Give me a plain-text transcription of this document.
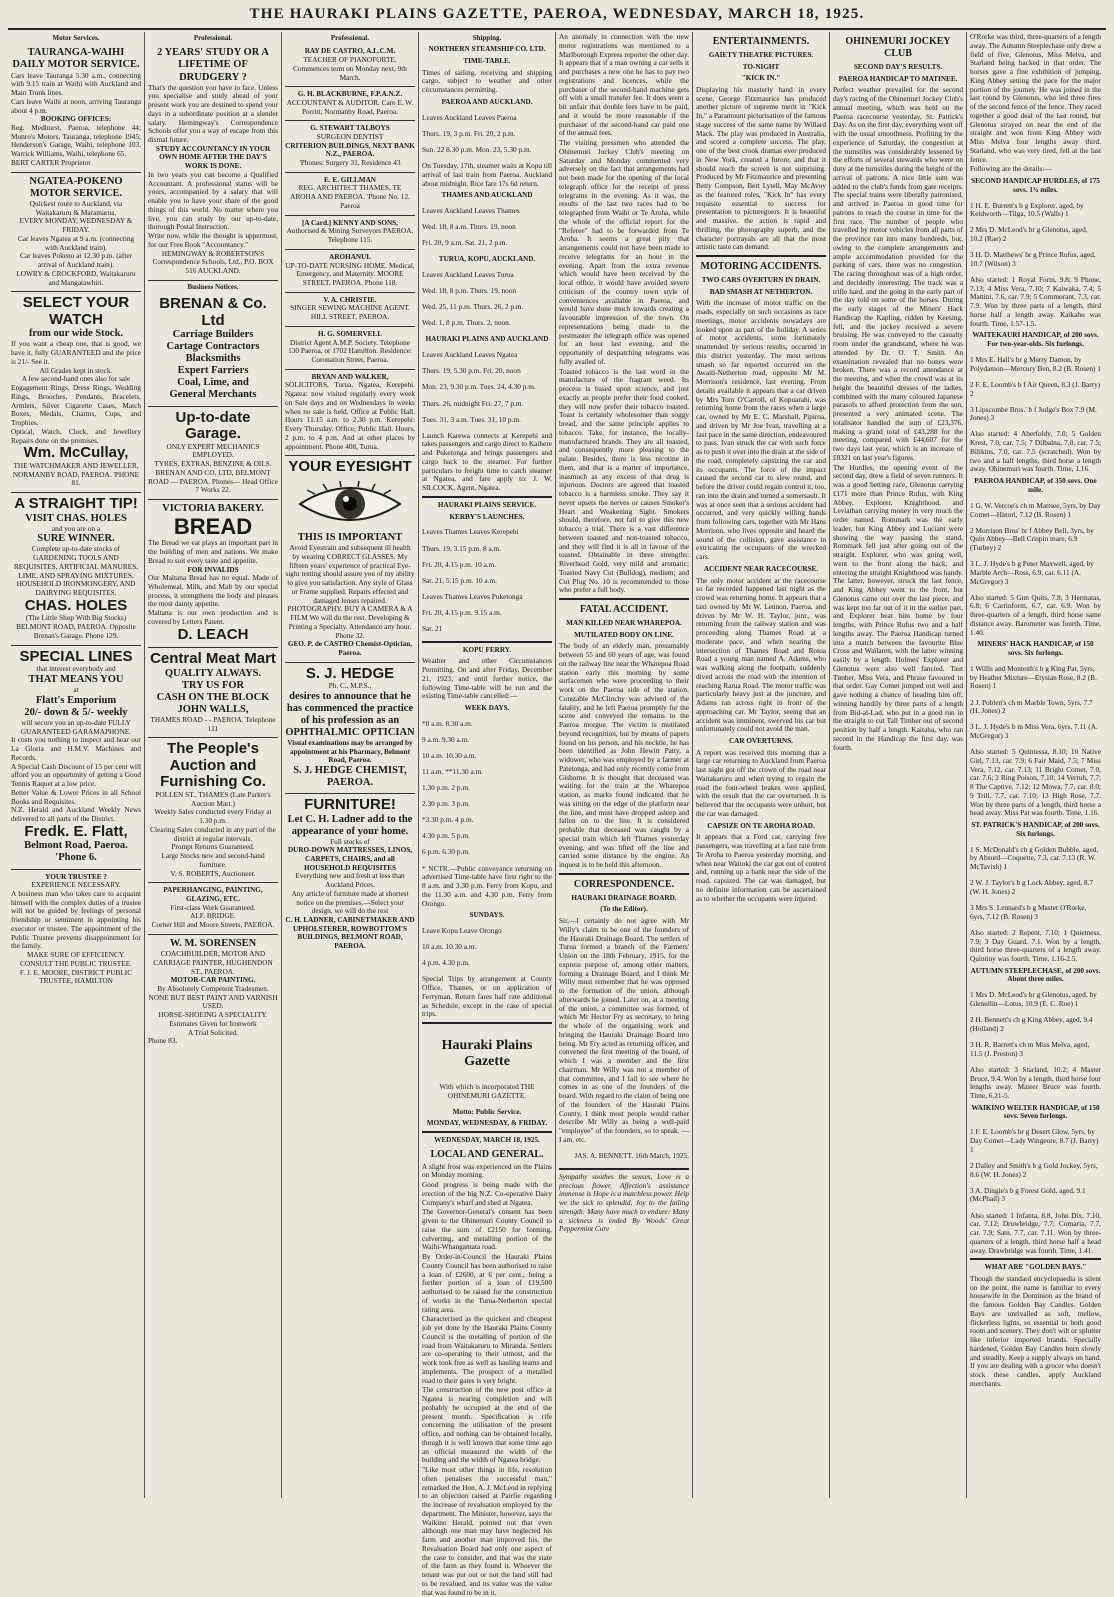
THE HAURAKI PLAINS GAZETTE, PAEROA, WEDNESDAY, MARCH 18, 1925.
Motor Services.

TAURANGA-WAIHI DAILY MOTOR SERVICE.

Cars leave Tauranga 5.30 a.m., connecting with 9.15 train at Waihi with Auckland and Main Trunk lines.

Cars leave Waihi at noon, arriving Tauranga about 4 p.m.

BOOKING OFFICES:

Reg. Medhurst, Paeroa, telephone 44; Munro's Motors, Tauranga, telephone 1945; Henderson's Garage, Waihi, telephone 103. Warrick Williams, Waihi, telephone 65.

BERT CARTER Proprietor

NGATEA-POKENO MOTOR SERVICE.

Quickest route to Auckland, via Waitakaruru & Maramarua.

EVERY MONDAY, WEDNESDAY & FRIDAY.

Car leaves Ngatea at 9 a.m. (connecting with Auckland train).

Car leaves Pokeno at 12.30 p.m. (after arrival of Auckland train).

LOWRY & CROCKFORD, Waitakaruru and Mangatawhiri.

SELECT YOUR WATCH

from our wide Stock.

If you want a cheap one, that is good, we have it, fully GUARANTEED and the price is 21/- See it.

All Grades kept in stock.

A few second-hand ones also for sale

Engagement Rings, Dress Rings, Wedding Rings, Brooches, Pendants, Bracelets, Armlets, Silver Cigarette Cases, Match Boxes, Medals, Charms, Cups, and Trophies.

Optical, Watch, Clock, and Jewellery Repairs done on the premises.

Wm. McCullay,

THE WATCHMAKER AND JEWELLER, NORMANBY ROAD, PAEROA. 'PHONE 81.

A STRAIGHT TIP!

VISIT CHAS. HOLES

and you are on a

SURE WINNER.

Complete up-to-date stocks of GARDENING TOOLS AND REQUISITES, ARTIFICIAL MANURES, LIME, AND SPRAYING MIXTURES, HOUSEHOLD IRONMONGERY, AND DAIRYING REQUISITES.

CHAS. HOLES

(The Little Shop With Big Stocks) BELMONT ROAD, PAEROA. Opposite Brenan's Garage. Phone 129.

SPECIAL LINES

that interest everybody and

THAT MEANS YOU

at

Flatt's Emporium

20/- down & 5/- weekly

will secure you an up-to-date FULLY GUARANTEED GARAMAPHONE.

It costs you nothing to inspect and hear our La Gloria and H.M.V. Machines and Records.

A Special Cash Discount of 15 per cent will afford you an opportunity of getting a Good Tennis Raquet at a low price.

Better Value & Lower Prices in all School Books and Requisites.

N.Z. Herald and Auckland Weekly News delivered to all parts of the District.

Fredk. E. Flatt,

Belmont Road, Paeroa. 'Phone 6.

YOUR TRUSTEE ?

EXPERIENCE NECESSARY.

A business man who takes care to acquaint himself with the complex duties of a trustee will not be guided by feelings of personal friendship or sentiment in appointing his executor or trustee. The appointment of the Public Trustee prevents disappointment for the family.

MAKE SURE OF EFFICIENCY.

CONSULT THE PUBLIC TRUSTEE.

F. J. E. MOORE, DISTRICT PUBLIC TRUSTEE, HAMILTON

Professional.

2 YEARS' STUDY OR A LIFETIME OF DRUDGERY ?

That's the question you have to face. Unless you specialise and study ahead of your present work you are destined to spend your days in a subordinate position at a slender salary. Hemingway's Correspondence Schools offer you a way of escape from this dismal future.

STUDY ACCOUNTANCY IN YOUR OWN HOME AFTER THE DAY'S WORK IS DONE.

In two years you can become a Qualified Accountant. A professional status will be yours, accompanied by a salary that will enable you to have your share of the good things of this world. No matter where you live, you can study by our up-to-date, thorough Postal Instruction.

Write now, while the thought is uppermost, for our Free Book "Accountancy."

HEMINGWAY & ROBERTSON'S Correspondence Schools, Ltd., P.O. BOX 516 AUCKLAND.

Business Notices.

BRENAN & Co. Ltd

Carriage Builders

Cartage Contractors

Blacksmiths

Expert Farriers

Coal, Lime, and

General Merchants

Up-to-date Garage.

ONLY EXPERT MECHANICS EMPLOYED.

TYRES, EXTRAS, BENZINE & OILS.

BRENAN AND CO. LTD, BELMONT ROAD — PAEROA. Phones— Head Office 7 Works 22.

VICTORIA BAKERY.

BREAD

The Bread we eat plays an important part in the building of men and nations. We make Bread to suit every taste and appetite.

FOR INVALIDS

Our Maltana Bread has no equal. Made of Wholemeal, Milk, and Malt by our special process, it strengthens the body and pleases the most dainty appetite.

Maltana is our own production and is covered by Letters Patent.

D. LEACH

Central Meat Mart

QUALITY ALWAYS.

TRY US FOR

CASH ON THE BLOCK

JOHN WALLS,

THAMES ROAD - - PAEROA. Telephone 111

The People's Auction and Furnishing Co.

POLLEN ST., THAMES (Late Parker's Auction Mart.)

Weekly Sales conducted every Friday at 1.30 p.m.

Clearing Sales conducted in any part of the district at regular intervals.

Prompt Returns Guaranteed.

Large Stocks new and second-hand furniture.

V. S. ROBERTS, Auctioneer.

PAPERHANGING, PAINTING, GLAZING, ETC.

First-class Work Guaranteed.

ALF. BRIDGE.

Corner Hill and Moore Streets, PAEROA.

W. M. SORENSEN

COACHBUILDER, MOTOR AND CARRIAGE PAINTER, HUGHENDON ST., PAEROA.

MOTOR-CAR PAINTING.

By Absolutely Competent Tradesmen.

NONE BUT BEST PAINT AND VARNISH USED.

HORSE-SHOEING A SPECIALITY.

Estimates Given for Ironwork

A Trial Solicited.

Phone 83.

Professional.

RAY DE CASTRO, A.L.C.M.

TEACHER OF PIANOFORTE. Commences term on Monday next, 9th March.

G. H. BLACKBURNE, F.P.A.N.Z.

ACCOUNTANT & AUDITOR. Care E. W. Porritt, Normanby Road, Paeroa.

G. STEWART TALBOYS

SURGEON DENTIST

CRITERION BUILDINGS, NEXT BANK N.Z., PAEROA.

'Phones: Surgery 31, Residence 43

E. E. GILLMAN

REG. ARCHITECT THAMES, TE AROHA AND PAEROA. 'Phone No. 12, Paeroa

[A Card.] KENNY AND SONS,

Authorised & Mining Surveyors PAEROA. Telephone 115.

AROHANUI.

UP-TO-DATE NURSING HOME. Medical, Emergency, and Maternity. MOORE STREET, PAEROA. Phone 118.

V. A. CHRISTIE.

SINGER SEWING MACHINE AGENT. HILL STREET, PAEROA.

H. G. SOMERVELL

District Agent A.M.P. Society. Telephone 130 Paeroa, or 1702 Hamilton. Residence: Coronation Street, Paeroa.

BRYAN AND WALKER,

SOLICITORS, Turua, Ngatea, Kerepehi. Ngatea: now visited regularly every week on Sale days and on Wednesdays in weeks when no sale is held. Office at Public Hall. Hours 11.15 a.m. to 2.30 p.m. Kerepehi: Every Thursday. Office, Public Hall. Hours, 2 p.m. to 4 p.m. And at other places by appointment. Phone 408, Turua.

YOUR EYESIGHT

THIS IS IMPORTANT

Avoid Eyestrain and subsequent ill health by wearing CORRECT GLASSES. My fifteen years' experience of practical Eye-sight testing should assure you of my ability to give you satisfaction. Any style of Glass or Frame supplied. Repairs effected and damaged lenses repaired.

PHOTOGRAPHY. BUY A CAMERA & A FILM We will do the rest. Developing & Printing a Specialty. Attendance any hour. Phone 32.

GEO. P. de CASTRO Chemist-Optician, Paeroa.

S. J. HEDGE

Ph. C., M.P.S.,

desires to announce that he has commenced the practice of his profession as an OPHTHALMIC OPTICIAN

Visual examinations may be arranged by appointment at his Pharmacy, Belmont Road, Paeroa.

S. J. HEDGE CHEMIST, PAEROA.

FURNITURE!

Let C. H. Ladner add to the appearance of your home.

Full stocks of

DURO-DOWN MATTRESSES, LINOS, CARPETS, CHAIRS, and all

HOUSEHOLD REQUISITES

Everything new and fresh at less than Auckland Prices.

Any article of furniture made at shortest notice on the premises.—Select your design, we will do the rest

C. H. LADNER, CABINETMAKER AND UPHOLSTERER, ROWBOTTOM'S BUILDINGS, BELMONT ROAD, PAEROA.

Shipping.

NORTHERN STEAMSHIP CO. LTD.

TIME-TABLE.

Times of sailing, receiving and shipping cargo, subject to weather and other circumstances permitting.

PAEROA AND AUCKLAND.

Leaves Auckland Leaves Paeroa

Thurs. 19, 3 p.m. Fri. 20, 2 p.m.

Sun. 22 8.30 p.m. Mon. 23, 5.30 p.m.

On Tuesday, 17th, steamer waits at Kopu till arrival of last train from Paeroa. Auckland about midnight. Rice fare 17s 6d return.

THAMES AND AUCKLAND

Leaves Auckland Leaves Thames

Wed. 18, 8 a.m. Thurs. 19, noon

Fri. 20, 9 a.m. Sat. 21, 2 p.m.

TURUA, KOPU, AUCKLAND.

Leaves Auckland Leaves Turua

Wed. 18, 8 p.m. Thurs. 19, noon

Wed. 25, 11 p.m. Thurs. 26, 2 p.m.

Wed. 1, 8 p.m. Thurs. 2, noon.

HAURAKI PLAINS AND AUCKLAND

Leaves Auckland Leaves Ngatea

Thurs. 19, 5.30 p.m. Fri. 20, noon

Mon. 23, 9.30 p.m. Tues. 24, 4.30 p.m.

Thurs. 26, midnight Fri. 27, 7 p.m.

Tues. 31, 3 a.m. Tues. 31, 10 p.m.

Launch Karewa connects at Kerepehi and takes passengers and cargo direct to Kaihere and Puketonga and brings passengers and cargo back to the steamer. For further particulars to freight time to catch steamer at Ngatea, and fare apply to: J. W. SILCOCK, Agent, Ngatea.

HAURAKI PLAINS SERVICE.

KERBY'S LAUNCHES.

Leaves Thames Leaves Kerepehi

Thurs. 19, 3.15 p.m. 8 a.m.

Fri. 20, 4.15 p.m. 10 a.m.

Sat. 21, 5.15 p.m. 10 a.m.

Leaves Thames Leaves Puketonga

Fri. 20, 4.15 p.m. 9.15 a.m.

Sat. 21

KOPU FERRY.

Weather and other Circumstances Permitting. On and after Friday, December 21, 1923, and until further notice, the following Time-table will be run and the existing Time-table cancelled:—

WEEK DAYS.

*8 a.m. 8.30 a.m.

9 a.m. 9.30 a.m.

10 a.m. 10.30 a.m.

11 a.m. **11.30 a.m.

1.30 p.m. 2 p.m.

2.30 p.m. 3 p.m.

*3.30 p.m. 4 p.m.

4.30 p.m. 5 p.m.

6 p.m. 6.30 p.m.

* NCTR.—Public conveyance returning on advertised Time-table have first right to the 8 a.m. and 3.30 p.m. Ferry from Kopu, and the 11.30 a.m. and 4.30 p.m. Ferry from Orongo.

SUNDAYS.

Leave Kopu Leave Orongo

10 a.m. 10.30 a.m.

4 p.m. 4.30 p.m.

Special Trips by arrangement at County Office, Thames, or on application of Ferryman. Return fares half rate additional as Schedule, except in the case of special trips.

Hauraki Plains Gazette

With which is incorporated THE OHINEMURI GAZETTE.

Motto: Public Service.

MONDAY, WEDNESDAY, & FRIDAY.

WEDNESDAY, MARCH 18, 1925.

LOCAL AND GENERAL.

A slight frost was experienced on the Plains on Monday morning.

Good progress is being made with the erection of the big N.Z. Co-operative Dairy Company's wharf and shed at Ngatea.

The Governor-General's consent has been given to the Ohinemuri County Council to raise the sum of £2150 for forming, culverting, and metalling portion of the Waihi-Whangamata road.

By Order-in-Council the Hauraki Plains County Council has been authorised to raise a loan of £2600, at 6 per cent., being a further portion of a loan of £19,500 authorised to be raised for the construction of works in the Turua-Netherton special rating area.

Characterised as the quickest and cheapest job yet done by the Hauraki Plains County Council is the metalling of portion of the road from Waitakaruru to Miranda. Settlers are co-operating to their utmost, and the work took free as well as hauling teams and implements. The prospect of a metalled road to their gates is very bright.

The construction of the new post office at Ngatea is nearing completion and will probably be occupied at the end of the present month. Specification is rife concerning the utilisation of the present office, and nothing can be obtained locally, though it is well known that some time ago an official measured the width of the building and the width of Ngatea bridge.

"Like most other things in life, resolution often penalises the successful man," remarked the Hon. A. J. McLeod in replying to an objection raised at Pairfie regarding the increase of revaluation employed by the department. The Minister, however, says the Waikino Herald, pointed out that even although one man may have neglected his farm and another man improved his, the Revaluation Board had only one aspect of the case to consider, and that was the state of the farm as they found it. Whoever the tenant was put out or not the land still had to be revalued, and its value was the value that was found to be in it.

An anomaly in connection with the new motor registrations was mentioned to a Marlborough Express reporter the other day. It appears that if a man owning a car sells it and purchases a new one he has to pay two registrations and licences, while the purchaser of the second-hand machine gets off with a small transfer fee. It does seem a bit unfair that double fees have to be paid, and it would be more reasonable if the purchaser of the second-hand car paid one of the annual fees.

The visiting pressmen who attended the Ohinemuri Jockey Club's meeting on Saturday and Monday commented very adversely on the fact that arrangements had not been made for the opening of the local telegraph office for the receipt of press telegrams in the evening. As it was, the results of the last two races had to be telegraphed from Waihi or Te Aroha, while the whole of the official report for the "Referee" had to be forwarded from Te Aroha. It seems a great pity that arrangements could not have been made to receive telegrams for an hour in the evening. Apart from the extra revenue which would have been received by the local office, it would have avoided severe criticism of the country town style of conveniences available in Paeroa, and would have done much towards creating a favourable impression of the town. On representations being made to the postmaster the telegraph office was opened for an hour last evening, and the opportunity of despatching telegrams was fully availed of.

Toasted tobacco is the last word in the manufacture of the fragrant weed. Its process is based upon science, and just exactly as people prefer their food cooked, they will now prefer their tobacco toasted. Toast is certainly wholesomer than soggy bread, and the same principle applies to tobacco. Take, for instance, the locally-manufactured brands. They are all toasted, and consequently more pleasing to the palate. Besides, there is less nicotine in them, and that is a matter of importance, inasmuch as any excess of that drug is injurious. Doctors are agreed that toasted tobacco is a harmless smoke. They say it never upsets the nerves or causes Smoker's Heart and Weakening Sight. Smokers should, therefore, not fail to give this new tobacco a trial. There is a vast difference between toasted and non-toasted tobacco, and they will find it is all in favour of the toasted. Obtainable in three strengths: Riverhead Gold, very mild and aromatic; Toasted Navy Cut (Bulldog), medium; and Cut Plug No. 10 is recommended to those who prefer a full body.

FATAL ACCIDENT.

MAN KILLED NEAR WHAREPOA.

MUTILATED BODY ON LINE.

The body of an elderly man, presumably between 55 and 60 years of age, was found on the railway line near the Wharepoa Road station early this morning by some surfacemen who were proceeding to their work on the Paeroa side of the station. Constable McClinchy was advised of the fatality, and he left Paeroa promptly for the scene and conveyed the remains to the Paeroa morgue. The victim is mutilated beyond recognition, but by means of papers found on his person, and his necktie, he has been identified as John Hewitt Patty, a widower, who was employed by a farmer at Patetonga, and had only recently come from Gisborne. It is thought that deceased was waiting for the train at the Wharepoa station, as marks found indicated that he was sitting on the edge of the platform near the line, and must have dropped asleep and fallen on to the line. It is considered probable that deceased was caught by a special train which left Thames yesterday evening, and was lifted off the line and carried some distance by the engine. An inquest is to be held this afternoon.

CORRESPONDENCE.

HAURAKI DRAINAGE BOARD.

(To the Editor).

Sir,—I certainly do not agree with Mr Willy's claim to be one of the founders of the Hauraki Drainage Board. The settlers of Turua formed a branch of the Farmers' Union on the 18th February, 1915, for the express purpose of, among other matters, forming a Drainage Board, and I think Mr Willy must remember that he was opposed to the formation of the union, although afterwards he joined. Later on, at a meeting of the union, a committee was formed, of which Mr Hector Fry as secretary, to bring the whole of the organising work and bringing the Hauraki Drainage Board into being. Mr Fry acted as returning officer, and convened the first meeting of the board, of which I was a member and the first chairman. Mr Willy was not a member of that committee, and I fail to see where he comes in as one of the founders of the board. With regard to the claim of being one of the founders of the Hauraki Plains County, I think most people would rather describe Mr Willy as being a well-paid "employee" of the founders, so to speak. — I am, etc.

JAS. A. BENNETT. 16th March, 1925.

Sympathy soothes the senses, Love is a precious flower, Affection's assistance immense is Hope is a matchless power. Help we the sick to splendid, Joy to the failing strength: Many have much to endure: Many a sickness is ended By Woods' Great Peppermint Cure

ENTERTAINMENTS.

GAIETY THEATRE PICTURES.

TO-NIGHT

"KICK IN."

Displaying his masterly hand in every scene, George Fitzmaurice has produced another picture of supreme merit in "Kick In," a Paramount picturisation of the famous stage success of the same name by Willard Mack. The play was produced in Australia, and scored a complete success. The play, one of the best crook dramas ever produced in New York, created a furore, and that it should reach the screen is not surprising. Produced by Mr Fitzmaurice and presenting Betty Compson, Bert Lytell, May McAvoy as the featured roles, "Kick In" has every requisite essential to success for presentation to picturegoers. It is beautiful and massive, the action is rapid and thrilling, the photography superb, and the character portrayals are all that the most artistic taste can demand.

MOTORING ACCIDENTS.

TWO CARS OVERTURN IN DRAIN.

BAD SMASH AT NETHERTON.

With the increase of motor traffic on the roads, especially on such occasions as race meetings, motor accidents nowadays are looked upon as part of the holiday. A series of motor accidents, some fortunately unattended by serious results, occurred in this district yesterday. The most serious smash so far reported occurred on the Awaiti-Netherton road, opposite Mr M. Morrison's residence, last evening. From details available it appears that a car driven by Mrs Tom O'Carroll, of Kopuarahi, was returning home from the races when a large car, owned by Mr E. C. Marshall, Pipiroa, and driven by Mr Joe Ivan, travelling at a fast pace in the same direction, endeavoured to pass. Ivan struck the car with such force as to push it over into the drain at the side of the road, completely capsizing the car and its occupants. The force of the impact caused the second car to slew round, and before the driver could regain control it, too, ran into the drain and turned a somersault. It was at once seen that a serious accident had occurred, and very quickly willing hands from following cars, together with Mr Hans Morrison, who lives opposite and heard the sound of the collision, gave assistance in extricating the occupants of the wrecked cars.

ACCIDENT NEAR RACECOURSE.

The only motor accident at the racecourse so far recorded happened last night as the crowd was returning home. It appears that a taxi owned by Mr W. Lennon, Paeroa, and driven by Mr W. H. Taylor, junr., was returning from the railway station and was proceeding along Thames Road at a moderate pace, and when nearing the intersection of Thames Road and Rotoa Road a young man named A. Adams, who was walking along the footpath, suddenly dived across the road with the intention of reaching Rarua Road. The motor traffic was particularly heavy just at the juncture, and Adams ran across right in front of the approaching car. Mr Taylor, seeing that an accident was imminent, swerved his car but unfortunately could not avoid the man.

CAR OVERTURNS.

A report was received this morning that a large car returning to Auckland from Paeroa last night got off the crown of the road near Waitakaruru and when trying to regain the road the four-wheel brakes were applied, with the result that the car overturned. It is believed that the occupants were unhurt, but the car was damaged.

CAPSIZE ON TE AROHA ROAD.

It appears that a Ford car, carrying five passengers, was travelling at a fast rate from Te Aroha to Paeroa yesterday morning, and when near Waitoki the car got out of control and, running up a bank near the side of the road, capsized. The car was damaged, but no definite information can be ascertained as to whether the occupants were injured.

OHINEMURI JOCKEY CLUB

SECOND DAY'S RESULTS.

PAEROA HANDICAP TO MATINEE.

Perfect weather prevailed for the second day's racing of the Ohinemuri Jockey Club's annual meeting, which was held on the Paeroa racecourse yesterday, St. Patrick's Day. As on the first day, everything went off with the usual smoothness. Profiting by the experience of Saturday, the congestion at the turnstiles was considerably lessened by the efforts of several stewards who were on duty at the turnstiles during the height of the arrival of patrons. A nice little sum was added to the club's funds from gate receipts. The special trains were liberally patronised, and arrived in Paeroa in good time for patrons to reach the course in time for the first race. The number of people who travelled by motor vehicles from all parts of the province ran into many hundreds, but, owing to the complete arrangements and ample accommodation provided for the parking of cars, there was no congestion. The racing throughout was of a high order, and decidedly interesting. The track was a trifle hard, and the going in the early part of the day told on some of the horses. During the early stages of the Miners' Hack Handicap the Kapling, ridden by Keesing, fell, and the jockey received a severe bruising. He was conveyed to the casualty room under the grandstand, where he was attended by Dr. O. T. Smith. An examination revealed that no bones were broken. There was a record attendance at the meeting, and when the crowd was at its height the beautiful dresses of the ladies, combined with the many coloured Japanese parasols to afford protection from the sun, presented a very animated scene. The totalisator handled the sum of £23,376, making a grand total of £43,288 for the meeting, compared with £44,607 for the two days last year, which is an increase of £8321 on last year's figures.

The Hurdles, the opening event of the second day, drew a field of seven runners. It was a good betting race, Glenotus carrying £171 more than Prince Rufus, with King Abbey, Explorer, Knighthood, and Leviathan carrying money in very much the order named. Rommark was the early leader, but King Abbey and Luciant were showing the way passing the stand, Rommark fell just after going out of the straight. Explorer, who was going well, went to the front along the back, and entering the straight Knighthood was handy. The latter, however, struck the last fence, and King Abbey went to the front, but Glenotus came out over the last piece, and was kept too far out of it in the earlier part, and Explorer beat him home by four lengths, with Prince Rufus two and a half lengths away. The Paeroa Handicap turned into a match between the favourite Blue Cross and Wailaren, with the latter winning easily by a length. Holmes' Explorer and Glenotus were also well fancied. Taut Timber, Miss Vera, and Phrase favoured in that order. Gay Comet jumped out well and gave nothing a chance of heading him off, winning handily by three parts of a length from Bid-al-Lad, who put in a good run in the straight to cut Tall Timber out of second position by half a length. Kaitaha, who ran second in the Handicap the first day, was fourth.

O'Rorke was third, three-quarters of a length away. The Autumn Steeplechase only drew a field of five, Glenotus, Miss Melva, and Starland being backed in that order. The horses gave a fine exhibition of jumping, King Abbey setting the pace for the major portion of the journey. He was joined in the last round by Glenotus, who led three fires of the second fence of the fence. They raced together a good deal of the last round, but Glenotus strayed on near the end of the straight and won from King Abbey with Miss Melva four lengths away third. Starland, who was very tired, fell at the last fence.

Following are the details:—

SECOND HANDICAP HURDLES, of 175 sovs. 1¾ miles.

1 H. E. Burrett's b g Explorer, aged, by Keldworth—Tilga, 10.5 (Walls) 1

2 Mrs D. McLeod's br g Glenotus, aged, 10.2 (Rae) 2

3 H. D. Matthews' br g Prince Rufus, aged, 10.7 (Wilson) 3

Also started: 1 Royal Form, 9.8; 9 Phone, 7.13; 4 Miss Vera, 7.10; 7 Kaiwaka, 7.4; 5 Mattini, 7.6, car. 7.9; 5 Commorant, 7.3, car. 7.9. Won by three parts of a length, third horse half a length away. Kaikahu was fourth. Time, 1.57-1.5.

WAITEKAURI HANDICAP, of 200 sovs. For two-year-olds. Six furlongs.

1 Mrs E. Hall's br g Merry Damon, by Polydamon—Mercury Ben, 8.2 (B. Rosen) 1

2 F. E. Loomb's b f Air Queen, 8.3 (J. Barry) 2

3 Lipscombe Bros.' b f Judge's Box 7.9 (M. Jones) 3

Also started: 4 Aberfoldy, 7.0; 5 Golden Krest, 7.0, car. 7.5; 7 Dilbalna, 7.0, car. 7.5; Bilikins, 7.0, car. 7.5 (scratched). Won by two and a half lengths, third horse a length away. Ohinemuri was fourth. Time, 1.16.

PAEROA HANDICAP, of 350 sovs. One mile.

1 G. W. Vercoe's ch m Mattsee, 5yrs, by Day Comet—Hinori, 7.12 (B. Rosen) 1

2 Morrison Bros' br f Abbey Bell, 3yrs, by Quin Abbey—Bell Crispin mare, 6.9 (Turbey) 2

3 L. J. Hyde's b g Peter Maxwell, aged, by Marble Arch—Ross, 6.9, car. 6.11 (A. McGregor) 3

Also started: 5 Gun Quits, 7.8; 3 Hermatas, 6.8; 6 Carrinform, 6.7, car. 6.9. Won by three-quarters of a length, third horse same distance away. Barometer was fourth. Time, 1.40.

MINERS' HACK HANDICAP, of 150 sovs. Six furlongs.

1 Willis and Monteith's b g King Pat, 5yrs, by Heather Mixture—Etysian Rose, 8.2 (B. Rosen) 1

2 J. Poblen's ch m Marble Town, 5yrs, 7.7 (H. Jones) 2

3 L. J. Hyde's b m Miss Vera, 6yrs, 7.11 (A. McGregor) 3

Also started: 5 Quintessa, 8.10; 10 Native Girl, 7.13, car. 7.9; 6 Fair Maid, 7.5; 7 Miss Vera, 7.12, car. 7.13; 11 Bright Comet, 7.0, car. 7.6; 2 Ring Poison, 7.10; 14 Verruh, 7.7; 8 The Captive, 7.12; 12 Mowa, 7.7, car. 8.0; 9 Trill, 7.7, car. 7.10; 13 High Rose, 7.7. Won by three parts of a length, third horse a head away. Miss Pat was fourth. Time, 1.16.

ST. PATRICK'S HANDICAP, of 200 sovs. Six furlongs.

1 S. McDonald's ch g Golden Bubble, aged, by Absurd—Coquette, 7.3, car. 7.13 (R. W. McTavish) 1

2 W. J. Taylor's b g Lock Abbey, aged, 8.7 (W. H. Jones) 2

3 Mrs S. Lennard's b g Master O'Rorke, 6yrs, 7.12 (B. Rosen) 3

Also started: 2 Repent, 7.10; 1 Quietness, 7.9; 3 Day Guard, 7.1. Won by a length, third horse three-quarters of a length away. Quintiny was fourth. Time, 1.16-2.5.

AUTUMN STEEPLECHASE, of 200 sovs. About three miles.

1 Mrs D. McLeod's br g Glenotus, aged, by Glenullin—Lotus, 10.9 (E. C. Roe) 1

2 H. Bennett's ch g King Abbey, aged, 9.4 (Holland) 2

3 H. R. Barrett's ch m Miss Melva, aged, 11.5 (J. Preston) 3

Also started: 3 Starland, 10.2; 4 Master Bruce, 9.4. Won by a length, third horse four lengths away. Master Bruce was fourth. Time, 6.21-5.

WAIKINO WELTER HANDICAP, of 150 sovs. Seven furlongs.

1 F. E. Loomb's br g Desert Glow, 5yrs, by Day Comet—Lady Wingeore, 8.7 (J. Barry) 1

2 Dalley and Smith's b g Gold Jockey, 5yrs, 8.6 (W. H. Jones) 2

3 A. Dingle's b g Forest Gold, aged, 9.1 (McPhail) 3

Also started: 1 Infanta, 8.8, John Dix, 7.10, car. 7.12; Druwbridge, 7.7; Cornaria, 7.7, car. 7.9; Sam, 7.7, car. 7.11. Won by three-quarters of a length, third horse half a head away. Drawbridge was fourth. Time, 1.41.

WHAT ARE "GOLDEN BAYS."

Though the standard encyclopaedia is silent on the point, the name is familiar to every housewife in the Dominion as the brand of the famous Golden Bay Candles. Golden Bays are unrivalled as soft, mellow, flickerless lights, so essential to both good room and scenery. They don't wilt or splutter like inferior imported brands. Specially hardened, Golden Bay Candles burn slowly and steadily. Keep a supply always on hand. If you are dealing with a grocer who doesn't stock these candles, apply Auckland merchants.
